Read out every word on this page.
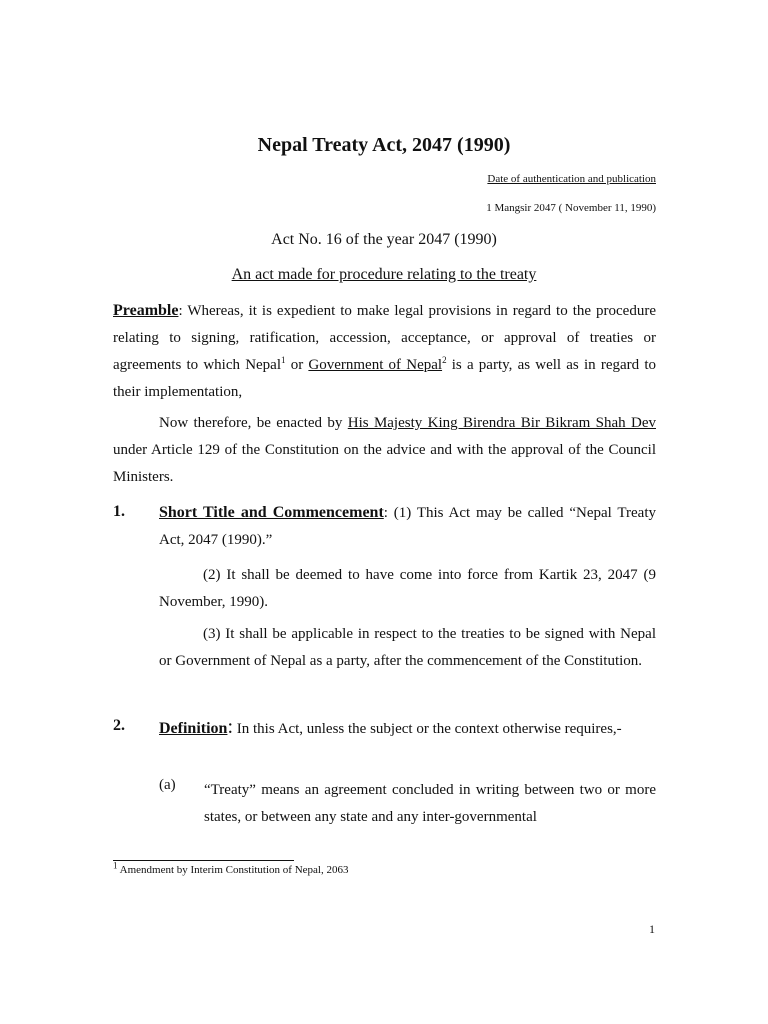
Nepal Treaty Act, 2047 (1990)
Date of authentication and publication
1 Mangsir 2047 ( November 11, 1990)
Act No. 16 of the year 2047 (1990)
An act made for procedure relating to the treaty
Preamble: Whereas, it is expedient to make legal provisions in regard to the procedure relating to signing, ratification, accession, acceptance, or approval of treaties or agreements to which Nepal$^1$ or Government of Nepal$^2$ is a party, as well as in regard to their implementation,
Now therefore, be enacted by His Majesty King Birendra Bir Bikram Shah Dev under Article 129 of the Constitution on the advice and with the approval of the Council Ministers.
1. Short Title and Commencement: (1) This Act may be called “Nepal Treaty Act, 2047 (1990).”
(2) It shall be deemed to have come into force from Kartik 23, 2047 (9 November, 1990).
(3) It shall be applicable in respect to the treaties to be signed with Nepal or Government of Nepal as a party, after the commencement of the Constitution.
2. Definition: In this Act, unless the subject or the context otherwise requires,-
(a) “Treaty” means an agreement concluded in writing between two or more states, or between any state and any inter-governmental
$^1$ Amendment by Interim Constitution of Nepal, 2063
1
